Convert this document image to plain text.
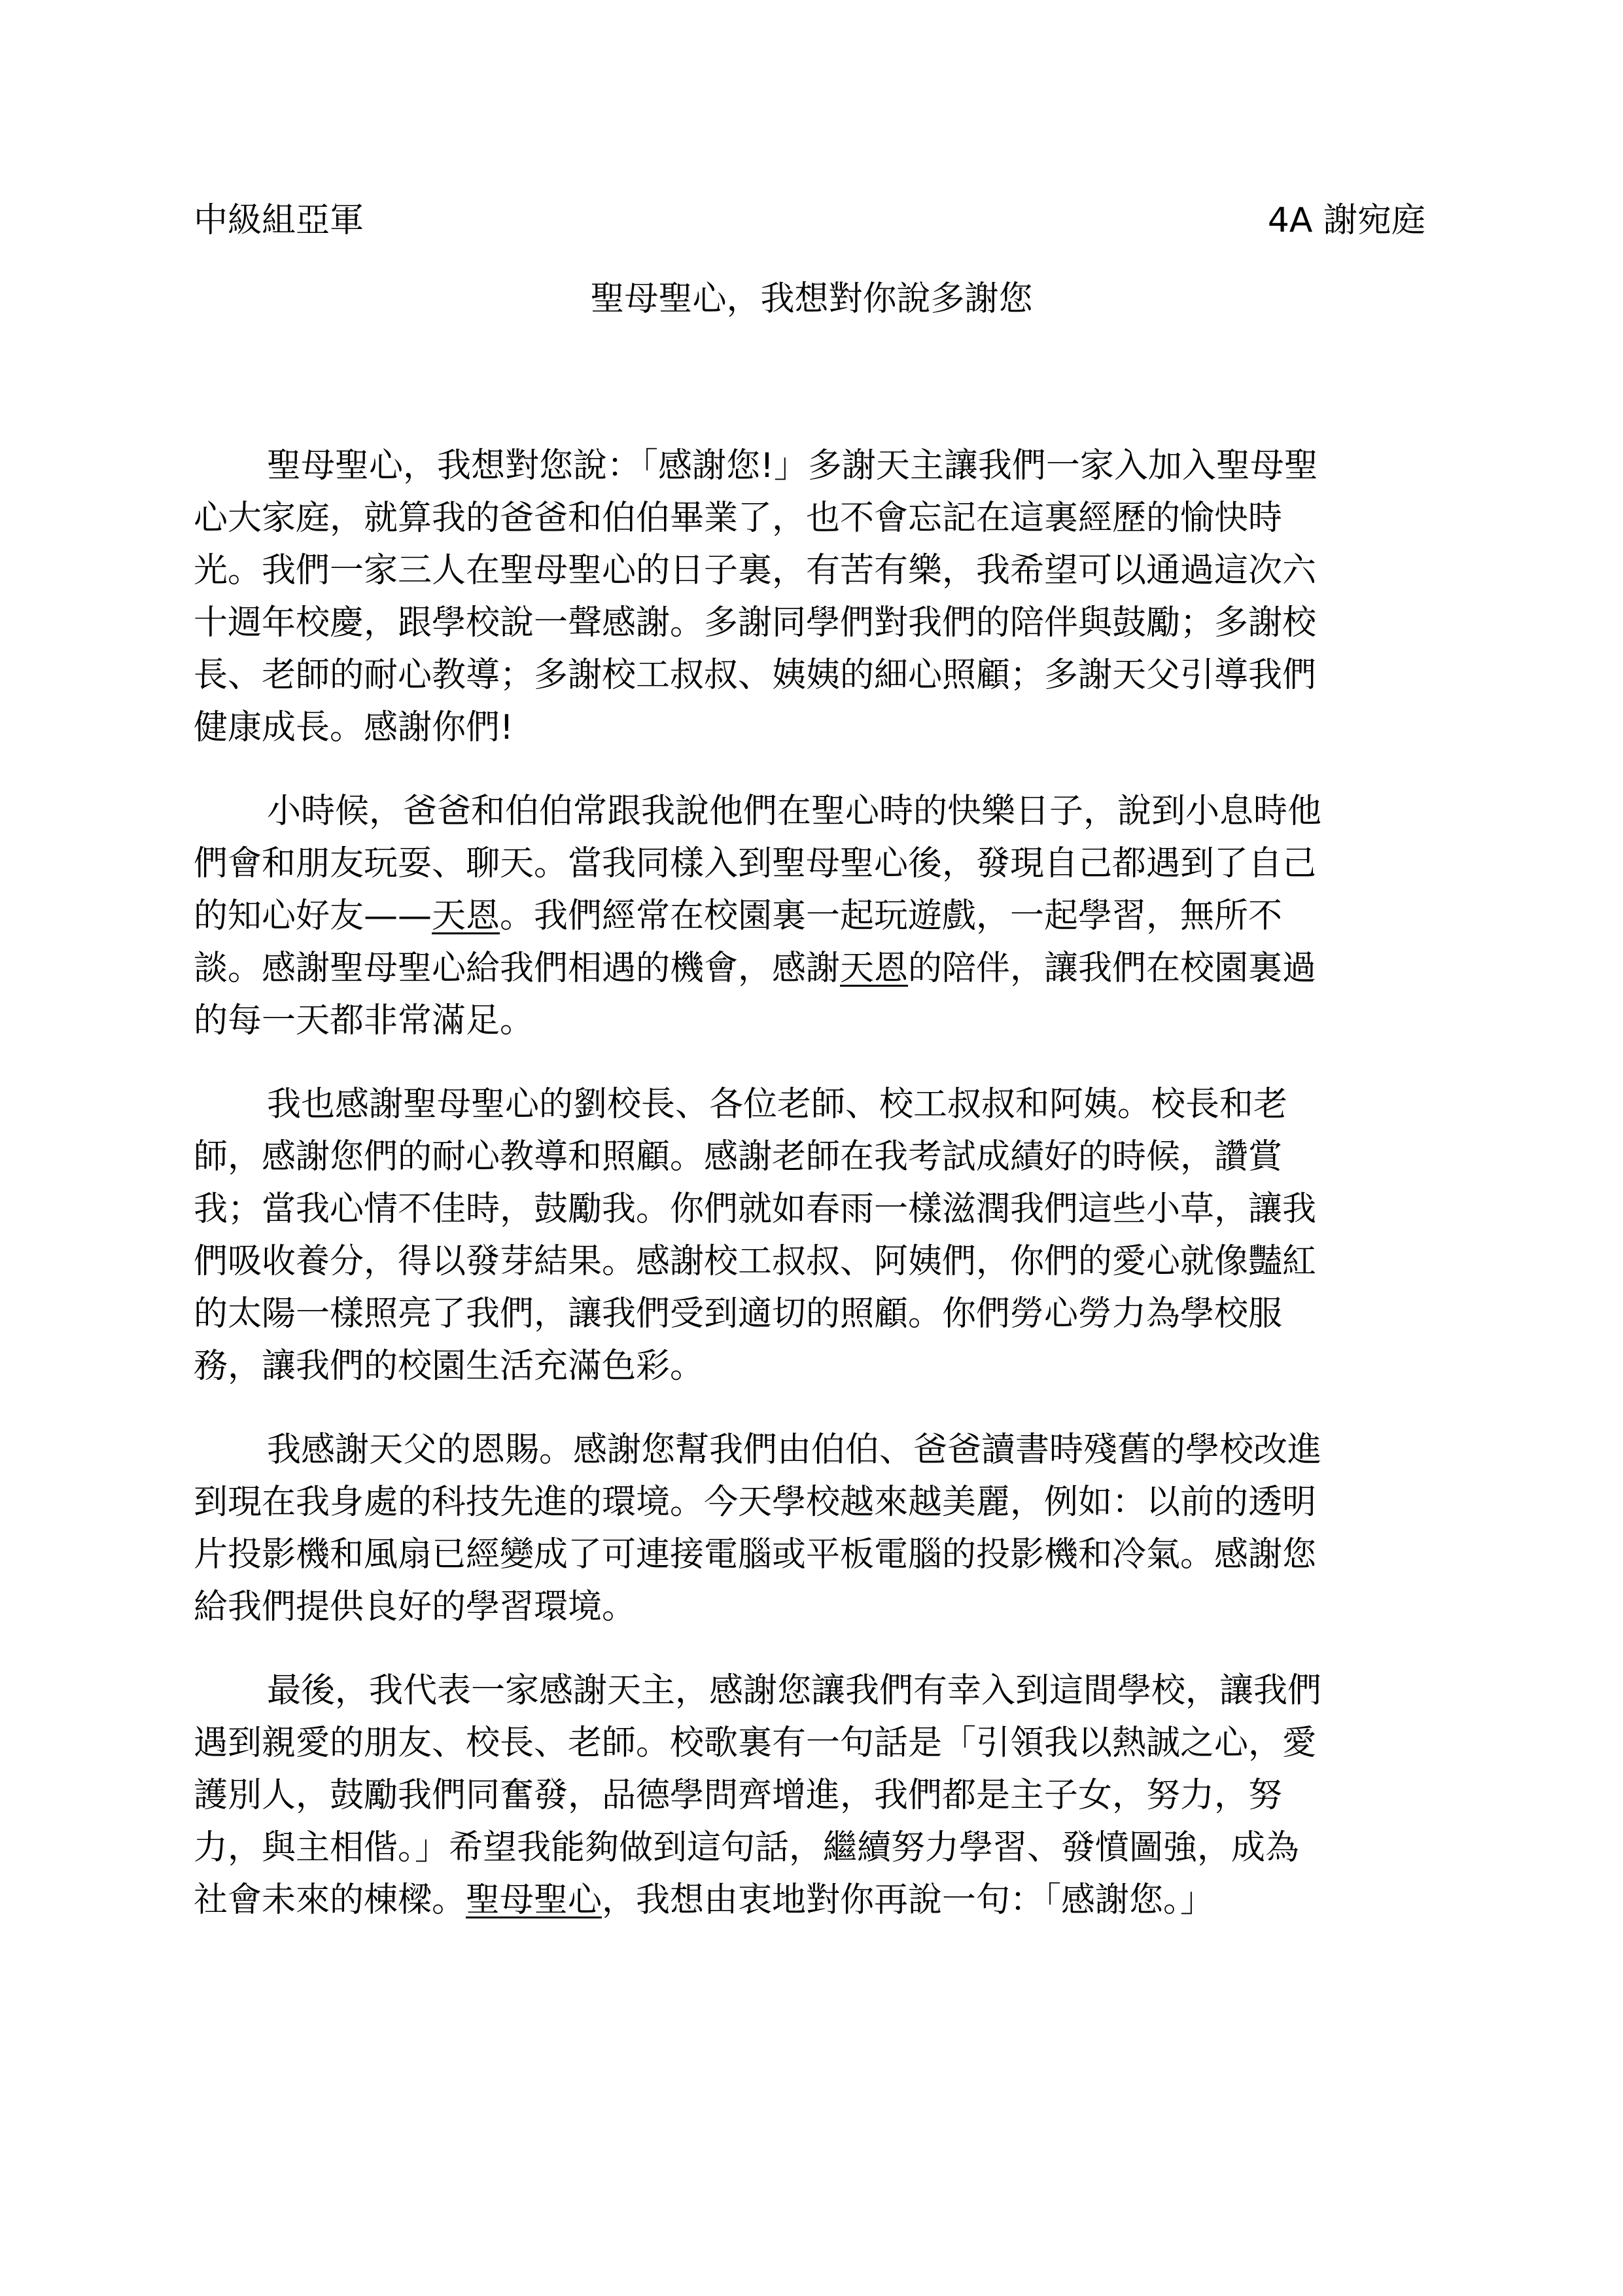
中級組亞軍	4A 謝宛庭
聖母聖心，我想對你說多謝您

聖母聖心，我想對您說：「感謝您!」多謝天主讓我們一家入加入聖母聖
心大家庭，就算我的爸爸和伯伯畢業了，也不會忘記在這裏經歷的愉快時
光。我們一家三人在聖母聖心的日子裏，有苦有樂，我希望可以通過這次六
十週年校慶，跟學校說一聲感謝。多謝同學們對我們的陪伴與鼓勵；多謝校
長、老師的耐心教導；多謝校工叔叔、姨姨的細心照顧；多謝天父引導我們
健康成長。感謝你們!

小時候，爸爸和伯伯常跟我說他們在聖心時的快樂日子，說到小息時他
們會和朋友玩耍、聊天。當我同樣入到聖母聖心後，發現自己都遇到了自己
的知心好友——天恩。我們經常在校園裏一起玩遊戲，一起學習，無所不
談。感謝聖母聖心給我們相遇的機會，感謝天恩的陪伴，讓我們在校園裏過
的每一天都非常滿足。

我也感謝聖母聖心的劉校長、各位老師、校工叔叔和阿姨。校長和老
師，感謝您們的耐心教導和照顧。感謝老師在我考試成績好的時候，讚賞
我；當我心情不佳時，鼓勵我。你們就如春雨一樣滋潤我們這些小草，讓我
們吸收養分，得以發芽結果。感謝校工叔叔、阿姨們，你們的愛心就像豔紅
的太陽一樣照亮了我們，讓我們受到適切的照顧。你們勞心勞力為學校服
務，讓我們的校園生活充滿色彩。

我感謝天父的恩賜。感謝您幫我們由伯伯、爸爸讀書時殘舊的學校改進
到現在我身處的科技先進的環境。今天學校越來越美麗，例如：以前的透明
片投影機和風扇已經變成了可連接電腦或平板電腦的投影機和冷氣。感謝您
給我們提供良好的學習環境。

最後，我代表一家感謝天主，感謝您讓我們有幸入到這間學校，讓我們
遇到親愛的朋友、校長、老師。校歌裏有一句話是「引領我以熱誠之心，愛
護別人，鼓勵我們同奮發，品德學問齊增進，我們都是主子女，努力，努
力，與主相偕。」希望我能夠做到這句話，繼續努力學習、發憤圖強，成為
社會未來的棟樑。聖母聖心，我想由衷地對你再說一句：「感謝您。」
